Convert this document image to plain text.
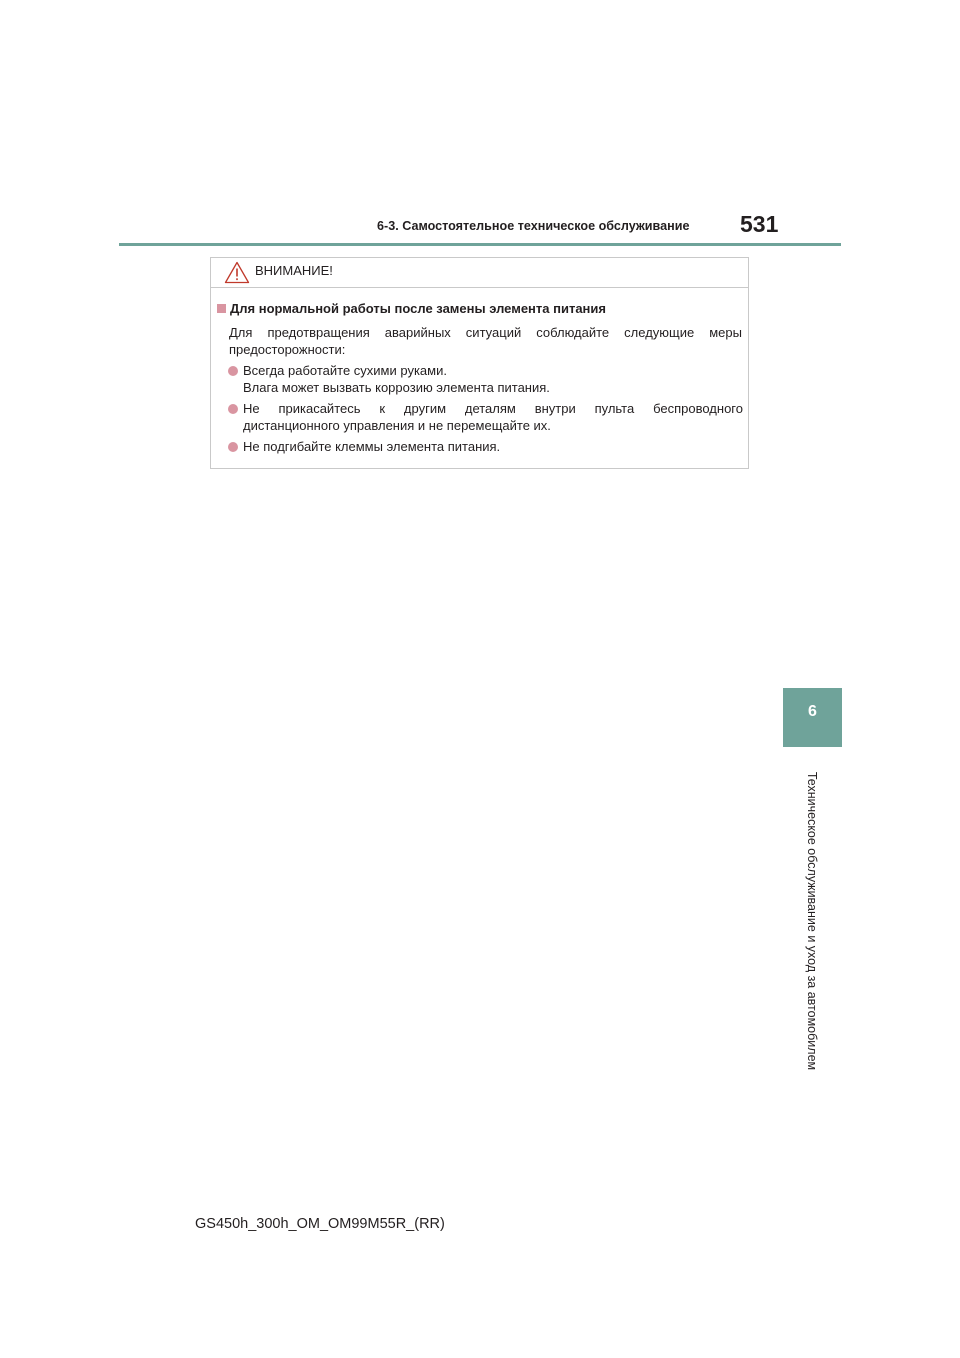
6-3. Самостоятельное техническое обслуживание	531
ВНИМАНИЕ!
Для нормальной работы после замены элемента питания
Для предотвращения аварийных ситуаций соблюдайте следующие меры предосторожности:
Всегда работайте сухими руками.
Влага может вызвать коррозию элемента питания.
Не прикасайтесь к другим деталям внутри пульта беспроводного
дистанционного управления и не перемещайте их.
Не подгибайте клеммы элемента питания.
6
Техническое обслуживание и уход за автомобилем
GS450h_300h_OM_OM99M55R_(RR)
